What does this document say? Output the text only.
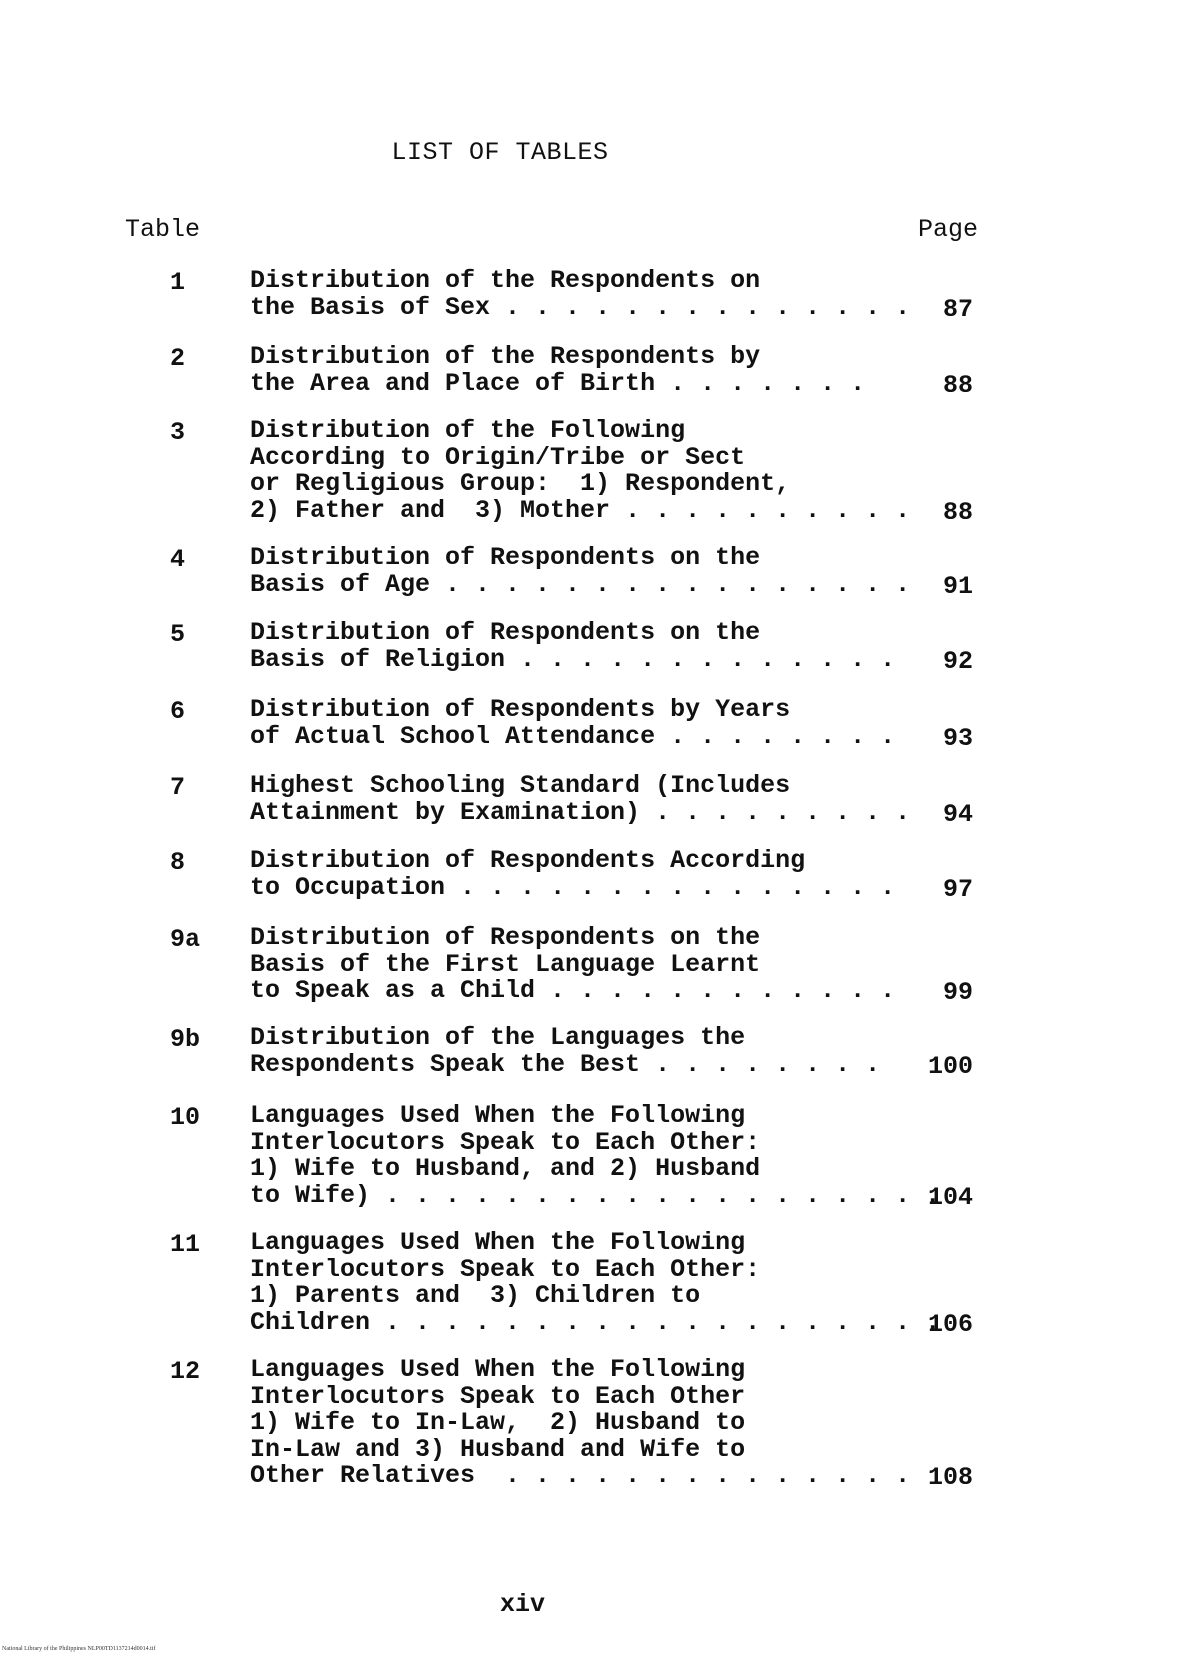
LIST OF TABLES
Table	Page
1	Distribution of the Respondents on
the Basis of Sex . . . . . . . . . . . . . . 87
2	Distribution of the Respondents by
the Area and Place of Birth . . . . . . .	88
3	Distribution of the Following
According to Origin/Tribe or Sect
or Regligious Group:  1) Respondent,
2) Father and  3) Mother . . . . . . . . . . 88
4	Distribution of Respondents on the
Basis of Age . . . . . . . . . . . . . . . . 91
5	Distribution of Respondents on the
Basis of Religion . . . . . . . . . . . . . 92
6	Distribution of Respondents by Years
of Actual School Attendance . . . . . . . . 93
7	Highest Schooling Standard (Includes
Attainment by Examination) . . . . . . . . . 94
8	Distribution of Respondents According
to Occupation . . . . . . . . . . . . . . . 97
9a Distribution of Respondents on the
Basis of the First Language Learnt
to Speak as a Child . . . . . . . . . . . . 99
9b Distribution of the Languages the
Respondents Speak the Best . . . . . . . . 100
10 Languages Used When the Following
Interlocutors Speak to Each Other:
1) Wife to Husband, and 2) Husband
to Wife) . . . . . . . . . . . . . . . . . . .
104
11 Languages Used When the Following
Interlocutors Speak to Each Other:
1) Parents and  3) Children to
Children . . . . . . . . . . . . . . . . . . .
106
12 Languages Used When the Following
Interlocutors Speak to Each Other
1) Wife to In-Law,  2) Husband to
In-Law and 3) Husband and Wife to
Other Relatives  . . . . . . . . . . . . . . 108
xiv
National Library of the Philippines NLP00TD1137214d0014.tif
